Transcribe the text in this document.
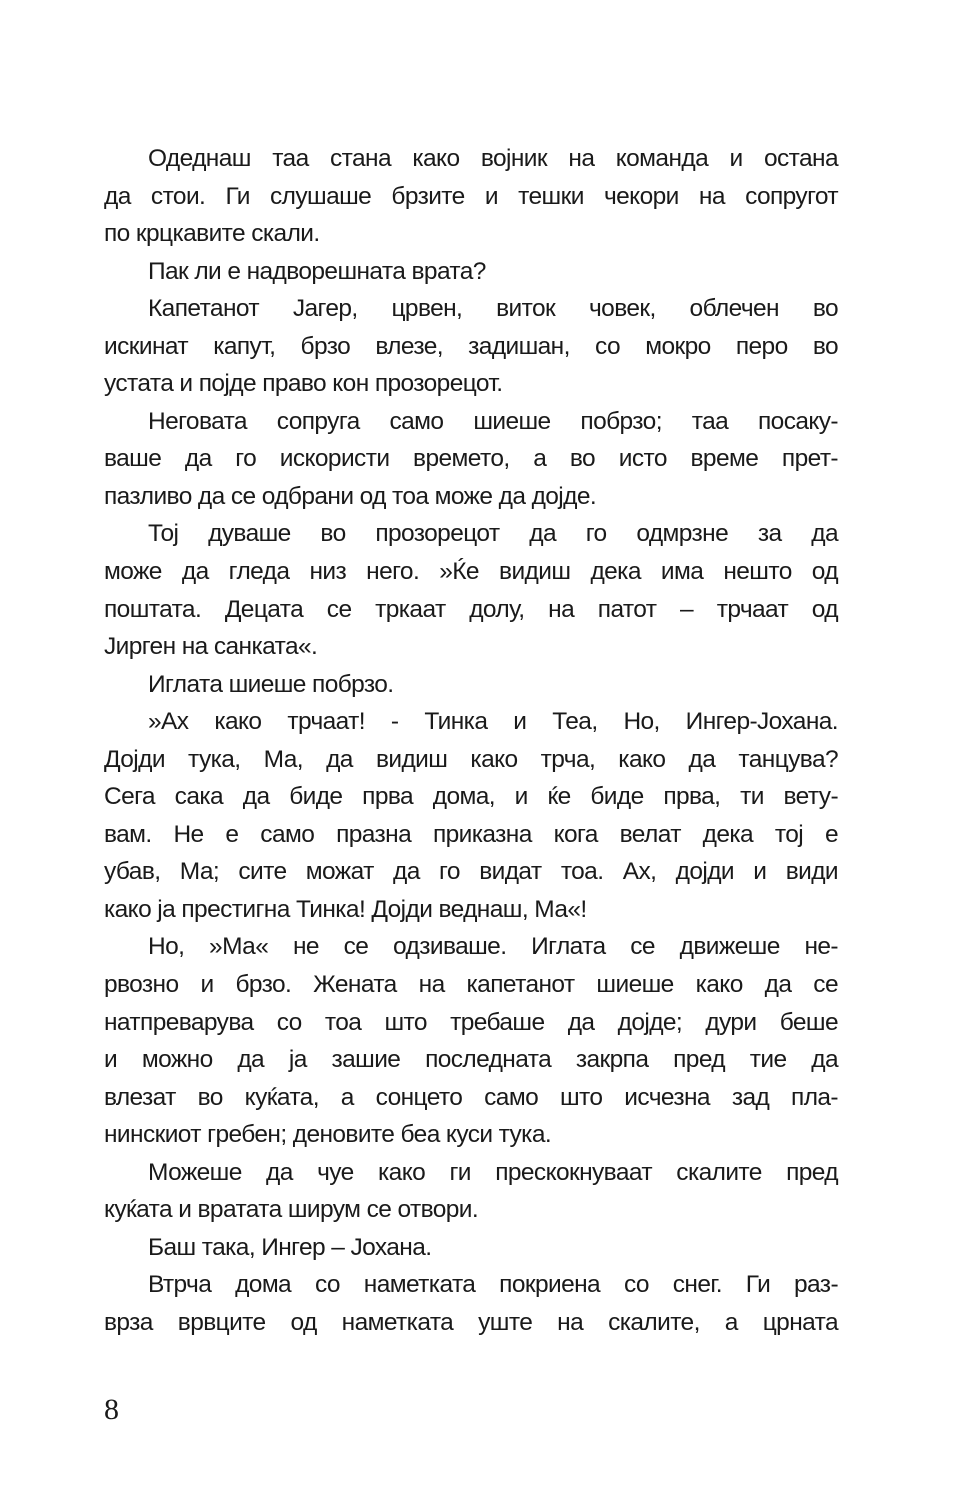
Одеднаш таа стана како војник на команда и остана
да стои. Ги слушаше брзите и тешки чекори на сопругот
по крцкавите скали.
Пак ли е надворешната врата?
Капетанот Јагер, црвен, виток човек, облечен во
искинат капут, брзо влезе, задишан, со мокро перо во
устата и појде право кон прозорецот.
Неговата сопруга само шиеше побрзо; таа посаку-
ваше да го искористи времето, а во исто време прет-
пазливо да се одбрани од тоа може да дојде.
Тој дуваше во прозорецот да го одмрзне за да
може да гледа низ него. »Ќе видиш дека има нешто од
поштата. Децата се тркаат долу, на патот – трчаат од
Јирген на санката«.
Иглата шиеше побрзо.
»Ах како трчаат! - Тинка и Теа, Но, Ингер-Јохана.
Дојди тука, Ма, да видиш како трча, како да танцува?
Сега сака да биде прва дома, и ќе биде прва, ти вету-
вам. Не е само празна приказна кога велат дека тој е
убав, Ма; сите можат да го видат тоа. Ах, дојди и види
како ја престигна Тинка! Дојди веднаш, Ма«!
Но, »Ма« не се одзиваше. Иглата се движеше не-
рвозно и брзо. Жената на капетанот шиеше како да се
натпреварува со тоа што требаше да дојде; дури беше
и можно да ја зашие последната закрпа пред тие да
влезат во куќата, а сонцето само што исчезна зад пла-
нинскиот гребен; деновите беа куси тука.
Можеше да чуе како ги прескокнуваат скалите пред
куќата и вратата ширум се отвори.
Баш така, Ингер – Јохана.
Втрча дома со наметката покриена со снег. Ги раз-
врза врвците од наметката уште на скалите, а црната
8
